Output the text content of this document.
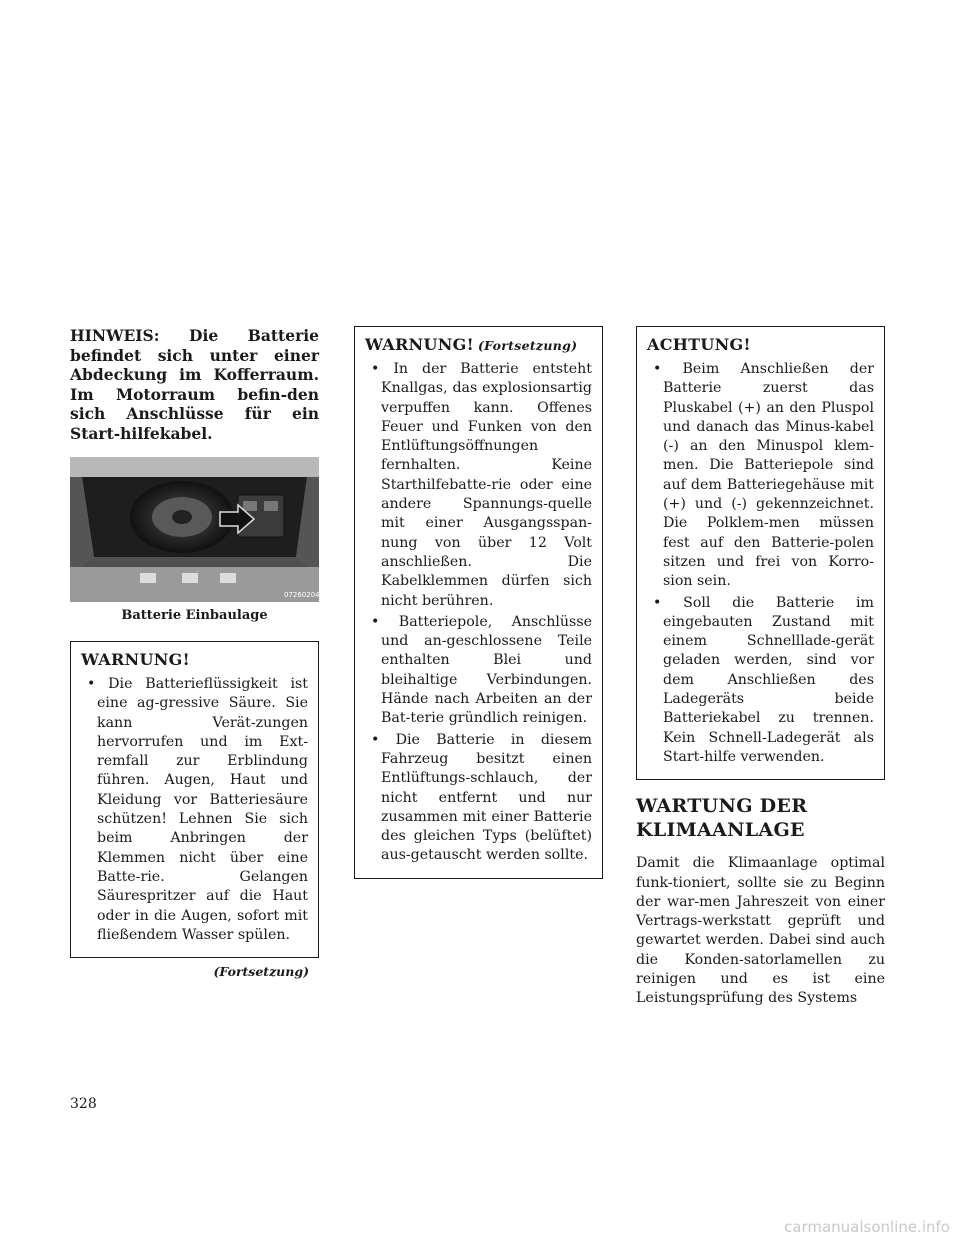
HINWEIS: Die Batterie befindet sich unter einer Abdeckung im Kofferraum. Im Motorraum befin-den sich Anschlüsse für ein Start-hilfekabel.

072602046
Batterie Einbaulage
WARNUNG!
• Die Batterieflüssigkeit ist eine ag-gressive Säure. Sie kann Verät-zungen hervorrufen und im Ext-remfall zur Erblindung führen. Augen, Haut und Kleidung vor Batteriesäure schützen! Lehnen Sie sich beim Anbringen der Klemmen nicht über eine Batte-rie. Gelangen Säurespritzer auf die Haut oder in die Augen, sofort mit fließendem Wasser spülen.
(Fortsetzung)
WARNUNG! (Fortsetzung)
• In der Batterie entsteht Knallgas, das explosionsartig verpuffen kann. Offenes Feuer und Funken von den Entlüftungsöffnungen fernhalten. Keine Starthilfebatte-rie oder eine andere Spannungs-quelle mit einer Ausgangsspan-nung von über 12 Volt anschließen. Die Kabelklemmen dürfen sich nicht berühren.
• Batteriepole, Anschlüsse und an-geschlossene Teile enthalten Blei und bleihaltige Verbindungen. Hände nach Arbeiten an der Bat-terie gründlich reinigen.
• Die Batterie in diesem Fahrzeug besitzt einen Entlüftungs-schlauch, der nicht entfernt und nur zusammen mit einer Batterie des gleichen Typs (belüftet) aus-getauscht werden sollte.
ACHTUNG!
• Beim Anschließen der Batterie zuerst das Pluskabel (+) an den Pluspol und danach das Minus-kabel (-) an den Minuspol klem-men. Die Batteriepole sind auf dem Batteriegehäuse mit (+) und (-) gekennzeichnet. Die Polklem-men müssen fest auf den Batterie-polen sitzen und frei von Korro-sion sein.
• Soll die Batterie im eingebauten Zustand mit einem Schnelllade-gerät geladen werden, sind vor dem Anschließen des Ladegeräts beide Batteriekabel zu trennen. Kein Schnell-Ladegerät als Start-hilfe verwenden.
WARTUNG DER
KLIMAANLAGE

Damit die Klimaanlage optimal funk-tioniert, sollte sie zu Beginn der war-men Jahreszeit von einer Vertrags-werkstatt geprüft und gewartet werden. Dabei sind auch die Konden-satorlamellen zu reinigen und es ist eine Leistungsprüfung des Systems

328
carmanualsonline.info
